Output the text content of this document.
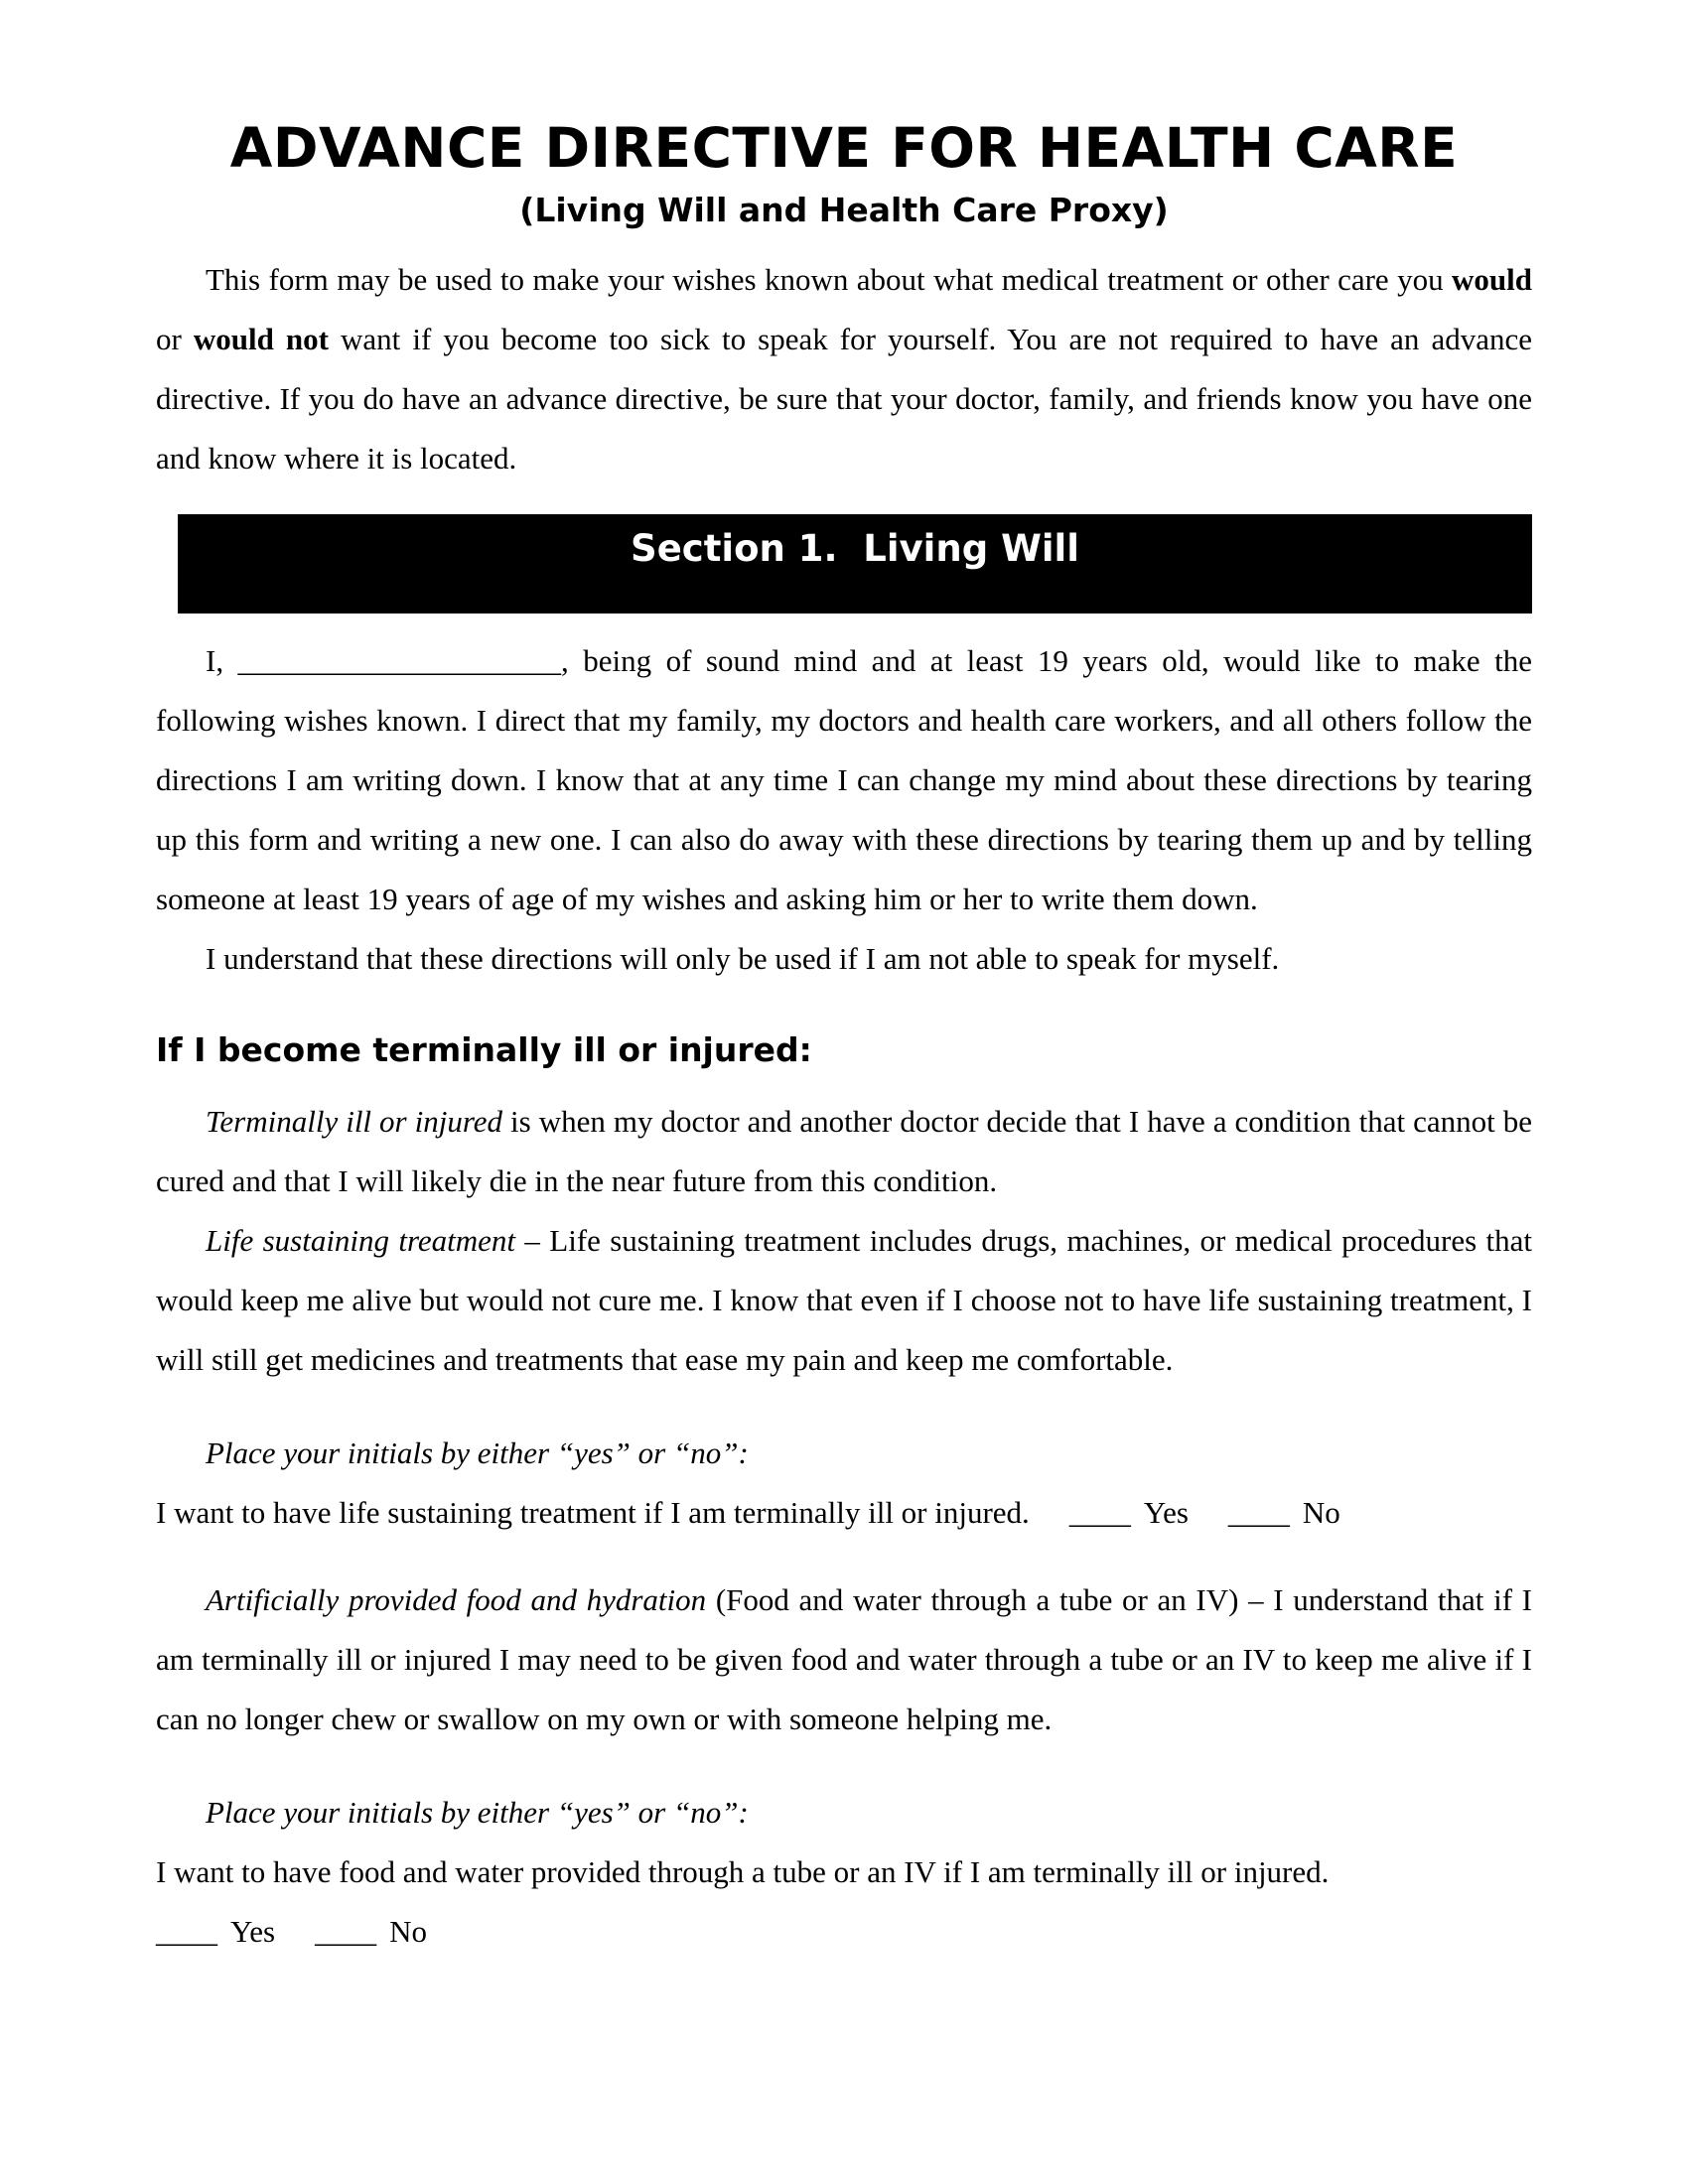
ADVANCE DIRECTIVE FOR HEALTH CARE
(Living Will and Health Care Proxy)

This form may be used to make your wishes known about what medical treatment or other care you would or would not want if you become too sick to speak for yourself. You are not required to have an advance directive. If you do have an advance directive, be sure that your doctor, family, and friends know you have one and know where it is located.

Section 1.  Living Will

I, _____________________, being of sound mind and at least 19 years old, would like to make the following wishes known. I direct that my family, my doctors and health care workers, and all others follow the directions I am writing down. I know that at any time I can change my mind about these directions by tearing up this form and writing a new one. I can also do away with these directions by tearing them up and by telling someone at least 19 years of age of my wishes and asking him or her to write them down.

I understand that these directions will only be used if I am not able to speak for myself.

If I become terminally ill or injured:

Terminally ill or injured is when my doctor and another doctor decide that I have a condition that cannot be cured and that I will likely die in the near future from this condition.

Life sustaining treatment – Life sustaining treatment includes drugs, machines, or medical procedures that would keep me alive but would not cure me. I know that even if I choose not to have life sustaining treatment, I will still get medicines and treatments that ease my pain and keep me comfortable.

Place your initials by either “yes” or “no”:

I want to have life sustaining treatment if I am terminally ill or injured. ____ Yes ____ No

Artificially provided food and hydration (Food and water through a tube or an IV) – I understand that if I am terminally ill or injured I may need to be given food and water through a tube or an IV to keep me alive if I can no longer chew or swallow on my own or with someone helping me.

Place your initials by either “yes” or “no”:

I want to have food and water provided through a tube or an IV if I am terminally ill or injured.

____ Yes ____ No
